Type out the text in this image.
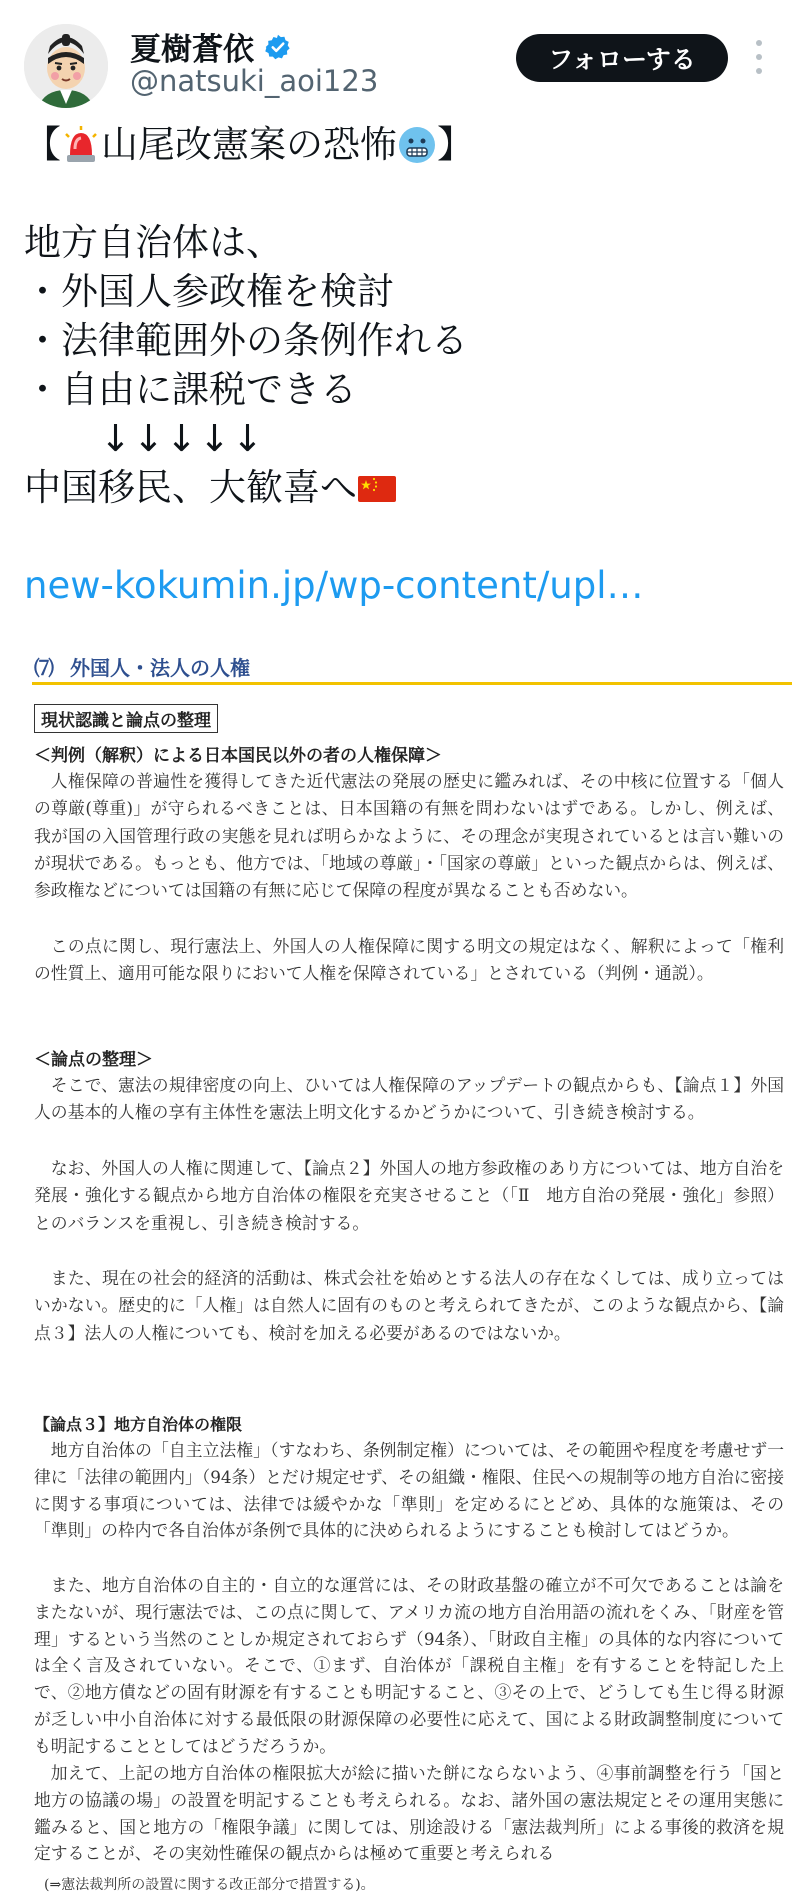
夏樹蒼依
@natsuki_aoi123
フォローする
【 山尾改憲案の恐怖 】
地方自治体は、
・外国人参政権を検討
・法律範囲外の条例作れる
・自由に課税できる
↓↓↓↓↓
中国移民、大歓喜へ
new-kokumin.jp/wp-content/upl…
⑺ 外国人・法人の人権
現状認識と論点の整理
＜判例（解釈）による日本国民以外の者の人権保障＞
人権保障の普遍性を獲得してきた近代憲法の発展の歴史に鑑みれば、その中核に位置する「個人の尊厳(尊重)」が守られるべきことは、日本国籍の有無を問わないはずである。しかし、例えば、我が国の入国管理行政の実態を見れば明らかなように、その理念が実現されているとは言い難いのが現状である。もっとも、他方では、「地域の尊厳」・「国家の尊厳」といった観点からは、例えば、参政権などについては国籍の有無に応じて保障の程度が異なることも否めない。
この点に関し、現行憲法上、外国人の人権保障に関する明文の規定はなく、解釈によって「権利の性質上、適用可能な限りにおいて人権を保障されている」とされている（判例・通説）。
＜論点の整理＞
そこで、憲法の規律密度の向上、ひいては人権保障のアップデートの観点からも、【論点１】外国人の基本的人権の享有主体性を憲法上明文化するかどうかについて、引き続き検討する。
なお、外国人の人権に関連して、【論点２】外国人の地方参政権のあり方については、地方自治を発展・強化する観点から地方自治体の権限を充実させること（「Ⅱ　地方自治の発展・強化」参照）とのバランスを重視し、引き続き検討する。
また、現在の社会的経済的活動は、株式会社を始めとする法人の存在なくしては、成り立ってはいかない。歴史的に「人権」は自然人に固有のものと考えられてきたが、このような観点から、【論点３】法人の人権についても、検討を加える必要があるのではないか。
【論点３】地方自治体の権限
地方自治体の「自主立法権」（すなわち、条例制定権）については、その範囲や程度を考慮せず一律に「法律の範囲内」（94条）とだけ規定せず、その組織・権限、住民への規制等の地方自治に密接に関する事項については、法律では緩やかな「準則」を定めるにとどめ、具体的な施策は、その「準則」の枠内で各自治体が条例で具体的に決められるようにすることも検討してはどうか。
また、地方自治体の自主的・自立的な運営には、その財政基盤の確立が不可欠であることは論をまたないが、現行憲法では、この点に関して、アメリカ流の地方自治用語の流れをくみ、「財産を管理」するという当然のことしか規定されておらず（94条）、「財政自主権」の具体的な内容については全く言及されていない。そこで、①まず、自治体が「課税自主権」を有することを特記した上で、②地方債などの固有財源を有することも明記すること、③その上で、どうしても生じ得る財源が乏しい中小自治体に対する最低限の財源保障の必要性に応えて、国による財政調整制度についても明記することとしてはどうだろうか。
加えて、上記の地方自治体の権限拡大が絵に描いた餅にならないよう、④事前調整を行う「国と地方の協議の場」の設置を明記することも考えられる。なお、諸外国の憲法規定とその運用実態に鑑みると、国と地方の「権限争議」に関しては、別途設ける「憲法裁判所」による事後的救済を規定することが、その実効性確保の観点からは極めて重要と考えられる
(⇒憲法裁判所の設置に関する改正部分で措置する)。
